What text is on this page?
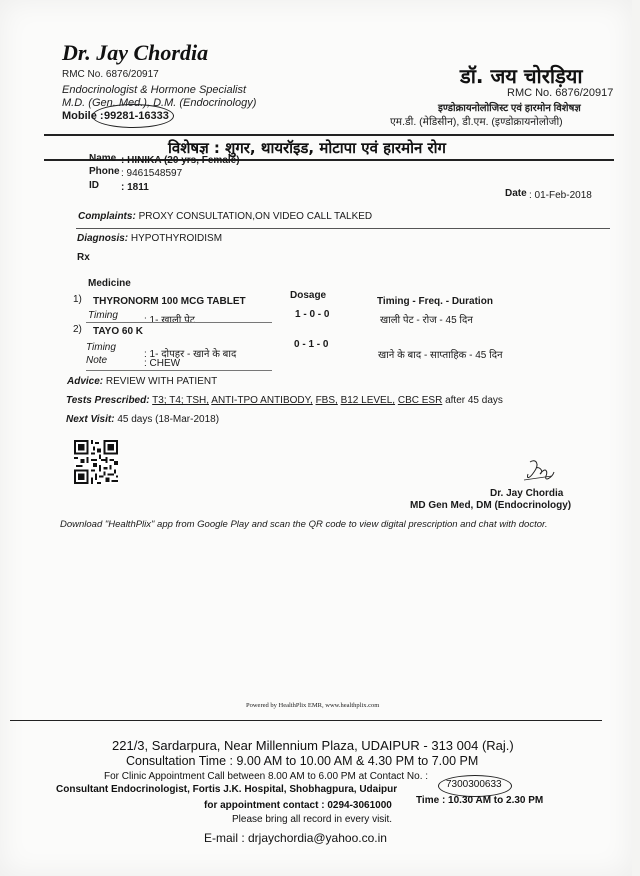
Dr. Jay Chordia
RMC No. 6876/20917
Endocrinologist & Hormone Specialist
M.D. (Gen. Med.), D.M. (Endocrinology)
Mobile : 99281-16333
डॉ. जय चोरड़िया
RMC No. 6876/20917
इण्डोक्रायनोलोजिस्ट एवं हारमोन विशेषज्ञ
एम.डी. (मेडिसीन), डी.एम. (इण्डोक्रायनोलोजी)
विशेषज्ञ : शुगर, थायरॉइड, मोटापा एवं हारमोन रोग
Name : HINIKA (20 yrs, Female)
Phone : 9461548597
ID : 1811
Date : 01-Feb-2018
Complaints: PROXY CONSULTATION,ON VIDEO CALL TALKED
Diagnosis: HYPOTHYROIDISM
Rx
Medicine
Dosage
Timing - Freq. - Duration
1) THYRONORM 100 MCG TABLET
Timing	: 1- खाली पेट
1 - 0 - 0
खाली पेट - रोज - 45 दिन
2) TAYO 60 K
Timing
: 1- दोपहर - खाने के बाद
Note	: CHEW
0 - 1 - 0
खाने के बाद - साप्ताहिक - 45 दिन
Advice: REVIEW WITH PATIENT
Tests Prescribed: T3; T4; TSH, ANTI-TPO ANTIBODY, FBS, B12 LEVEL, CBC ESR after 45 days
Next Visit: 45 days (18-Mar-2018)
Dr. Jay Chordia
MD Gen Med, DM (Endocrinology)
Download "HealthPlix" app from Google Play and scan the QR code to view digital prescription and chat with doctor.
Powered by HealthPlix EMR, www.healthplix.com
221/3, Sardarpura, Near Millennium Plaza, UDAIPUR - 313 004 (Raj.)
Consultation Time : 9.00 AM to 10.00 AM & 4.30 PM to 7.00 PM
For Clinic Appointment Call between 8.00 AM to 6.00 PM at Contact No. :
7300300633
Consultant Endocrinologist, Fortis J.K. Hospital, Shobhagpura, Udaipur
Time : 10.30 AM to 2.30 PM
for appointment contact : 0294-3061000
Please bring all record in every visit.
E-mail : drjaychordia@yahoo.co.in
